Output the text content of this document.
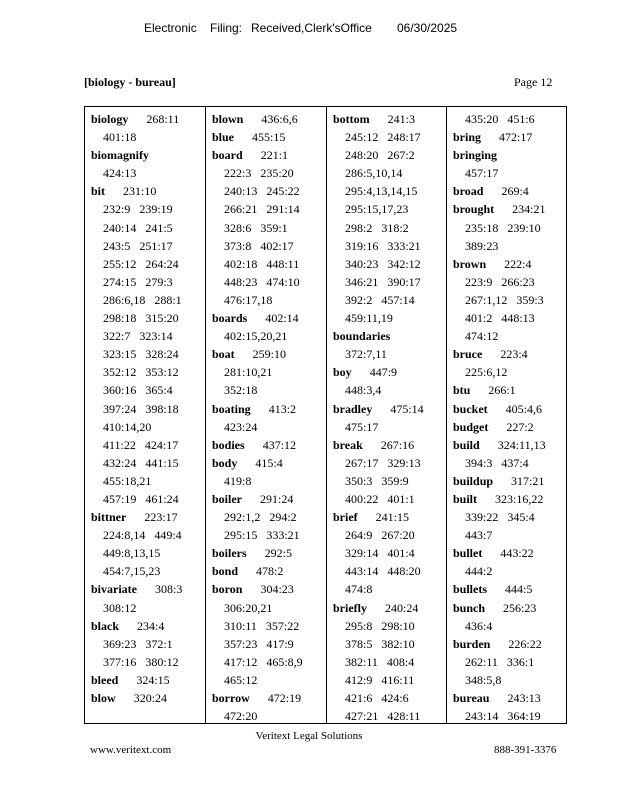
Electronic Filing: Received,Clerk'sOffice 06/30/2025
[biology - bureau]	Page 12
biology 268:11
401:18
biomagnify
424:13
bit 231:10
232:9   239:19
240:14   241:5
243:5   251:17
255:12   264:24
274:15   279:3
286:6,18   288:1
298:18   315:20
322:7   323:14
323:15   328:24
352:12   353:12
360:16   365:4
397:24   398:18
410:14,20
411:22   424:17
432:24   441:15
455:18,21
457:19   461:24
bittner 223:17
224:8,14   449:4
449:8,13,15
454:7,15,23
bivariate 308:3
308:12
black 234:4
369:23   372:1
377:16   380:12
bleed 324:15
blow 320:24
blown 436:6,6
blue 455:15
board 221:1
222:3   235:20
240:13   245:22
266:21   291:14
328:6   359:1
373:8   402:17
402:18   448:11
448:23   474:10
476:17,18
boards 402:14
402:15,20,21
boat 259:10
281:10,21
352:18
boating 413:2
423:24
bodies 437:12
body 415:4
419:8
boiler 291:24
292:1,2   294:2
295:15   333:21
boilers 292:5
bond 478:2
boron 304:23
306:20,21
310:11   357:22
357:23   417:9
417:12   465:8,9
465:12
borrow 472:19
472:20
bottom 241:3
245:12   248:17
248:20   267:2
286:5,10,14
295:4,13,14,15
295:15,17,23
298:2   318:2
319:16   333:21
340:23   342:12
346:21   390:17
392:2   457:14
459:11,19
boundaries
372:7,11
boy 447:9
448:3,4
bradley 475:14
475:17
break 267:16
267:17   329:13
350:3   359:9
400:22   401:1
brief 241:15
264:9   267:20
329:14   401:4
443:14   448:20
474:8
briefly 240:24
295:8   298:10
378:5   382:10
382:11   408:4
412:9   416:11
421:6   424:6
427:21   428:11
435:20   451:6
bring 472:17
bringing
457:17
broad 269:4
brought 234:21
235:18   239:10
389:23
brown 222:4
223:9   266:23
267:1,12   359:3
401:2   448:13
474:12
bruce 223:4
225:6,12
btu 266:1
bucket 405:4,6
budget 227:2
build 324:11,13
394:3   437:4
buildup 317:21
built 323:16,22
339:22   345:4
443:7
bullet 443:22
444:2
bullets 444:5
bunch 256:23
436:4
burden 226:22
262:11   336:1
348:5,8
bureau 243:13
243:14   364:19
Veritext Legal Solutions
www.veritext.com	888-391-3376
